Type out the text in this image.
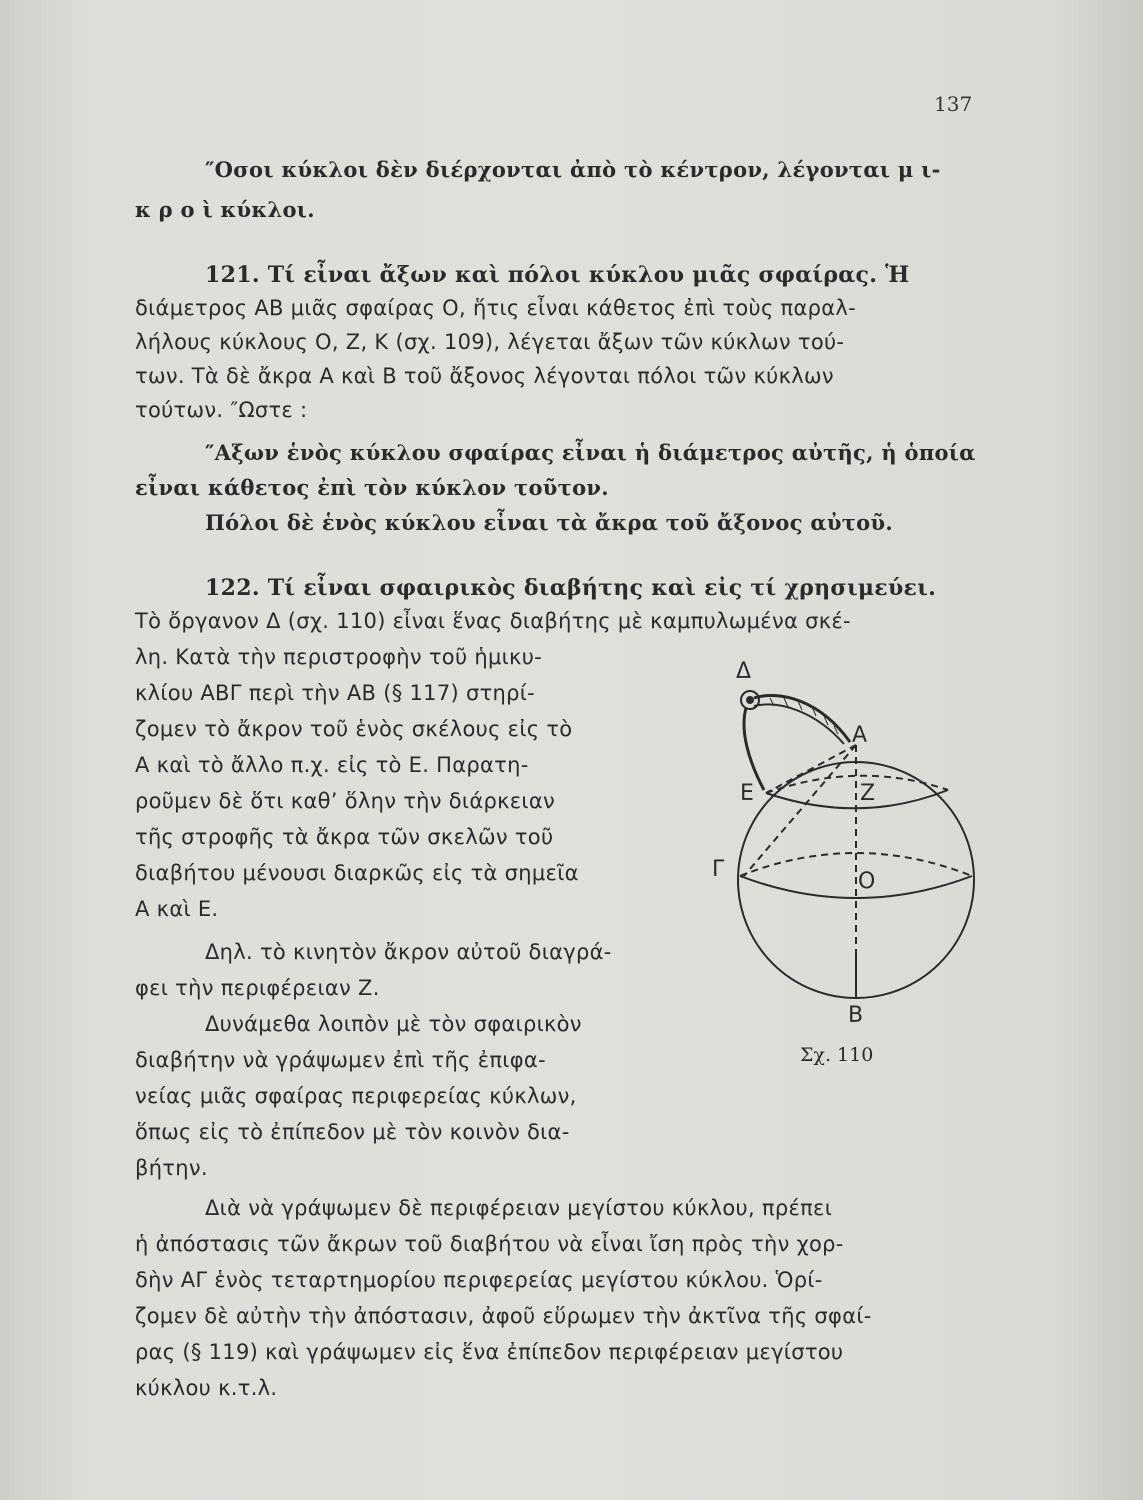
137
″Οσοι κύκλοι δὲν διέρχονται ἀπὸ τὸ κέντρον, λέγονται μ ι-
κ ρ ο ὶ κύκλοι.
121. Τί εἶναι ἄξων καὶ πόλοι κύκλου μιᾶς σφαίρας. Ἡ
διάμετρος ΑΒ μιᾶς σφαίρας Ο, ἥτις εἶναι κάθετος ἐπὶ τοὺς παραλ-
λήλους κύκλους Ο, Ζ, Κ (σχ. 109), λέγεται ἄξων τῶν κύκλων τού-
των. Τὰ δὲ ἄκρα Α καὶ Β τοῦ ἄξονος λέγονται πόλοι τῶν κύκλων
τούτων. ″Ωστε :
″Αξων ἑνὸς κύκλου σφαίρας εἶναι ἡ διάμετρος αὐτῆς, ἡ ὁποία
εἶναι κάθετος ἐπὶ τὸν κύκλον τοῦτον.
Πόλοι δὲ ἑνὸς κύκλου εἶναι τὰ ἄκρα τοῦ ἄξονος αὐτοῦ.
122. Τί εἶναι σφαιρικὸς διαβήτης καὶ εἰς τί χρησιμεύει.
Τὸ ὄργανον Δ (σχ. 110) εἶναι ἕνας διαβήτης μὲ καμπυλωμένα σκέ-
λη. Κατὰ τὴν περιστροφὴν τοῦ ἡμικυ-
κλίου ΑΒΓ περὶ τὴν ΑΒ (§ 117) στηρί-
ζομεν τὸ ἄκρον τοῦ ἑνὸς σκέλους εἰς τὸ
Α καὶ τὸ ἄλλο π.χ. εἰς τὸ Ε. Παρατη-
ροῦμεν δὲ ὅτι καθ’ ὅλην τὴν διάρκειαν
τῆς στροφῆς τὰ ἄκρα τῶν σκελῶν τοῦ
διαβήτου μένουσι διαρκῶς εἰς τὰ σημεῖα
Α καὶ Ε.
Δηλ. τὸ κινητὸν ἄκρον αὐτοῦ διαγρά-
φει τὴν περιφέρειαν Ζ.
Δυνάμεθα λοιπὸν μὲ τὸν σφαιρικὸν
διαβήτην νὰ γράψωμεν ἐπὶ τῆς ἐπιφα-
νείας μιᾶς σφαίρας περιφερείας κύκλων,
ὅπως εἰς τὸ ἐπίπεδον μὲ τὸν κοινὸν δια-
βήτην.
Διὰ νὰ γράψωμεν δὲ περιφέρειαν μεγίστου κύκλου, πρέπει
ἡ ἀπόστασις τῶν ἄκρων τοῦ διαβήτου νὰ εἶναι ἴση πρὸς τὴν χορ-
δὴν ΑΓ ἑνὸς τεταρτημορίου περιφερείας μεγίστου κύκλου. Ὁρί-
ζομεν δὲ αὐτὴν τὴν ἀπόστασιν, ἀφοῦ εὕρωμεν τὴν ἀκτῖνα τῆς σφαί-
ρας (§ 119) καὶ γράψωμεν εἰς ἕνα ἐπίπεδον περιφέρειαν μεγίστου
κύκλου κ.τ.λ.
Δ
Α
Ε	Z
Γ	Ο
Β
Σχ. 110
